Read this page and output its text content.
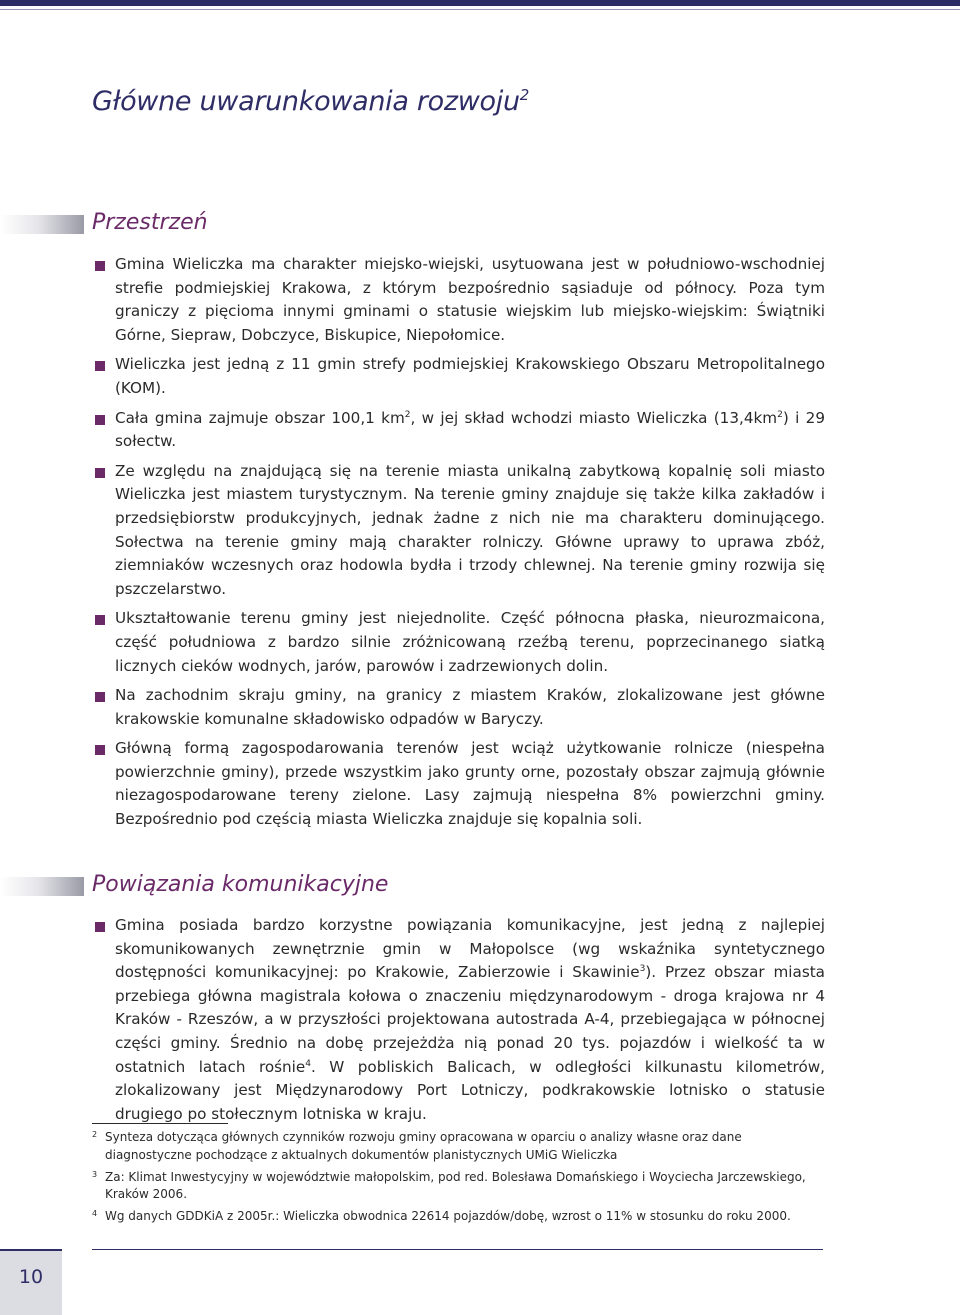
Główne uwarunkowania rozwoju$^2$
Przestrzeń
Gmina Wieliczka ma charakter miejsko-wiejski, usytuowana jest w południowo-wschodniej strefie podmiejskiej Krakowa, z którym bezpośrednio sąsiaduje od północy. Poza tym graniczy z pięcioma innymi gminami o statusie wiejskim lub miejsko-wiejskim: Świątniki Górne, Siepraw, Dobczyce, Biskupice, Niepołomice.
Wieliczka jest jedną z 11 gmin strefy podmiejskiej Krakowskiego Obszaru Metropolitalnego (KOM).
Cała gmina zajmuje obszar 100,1 $km^2$, w jej skład wchodzi miasto Wieliczka $(13,4km^2)$ i 29 sołectw.
Ze względu na znajdującą się na terenie miasta unikalną zabytkową kopalnię soli miasto Wieliczka jest miastem turystycznym. Na terenie gminy znajduje się także kilka zakładów i przedsiębiorstw produkcyjnych, jednak żadne z nich nie ma charakteru dominującego. Sołectwa na terenie gminy mają charakter rolniczy. Główne uprawy to uprawa zbóż, ziemniaków wczesnych oraz hodowla bydła i trzody chlewnej. Na terenie gminy rozwija się pszczelarstwo.
Ukształtowanie terenu gminy jest niejednolite. Część północna płaska, nieurozmaicona, część południowa z bardzo silnie zróżnicowaną rzeźbą terenu, poprzecinanego siatką licznych cieków wodnych, jarów, parowów i zadrzewionych dolin.
Na zachodnim skraju gminy, na granicy z miastem Kraków, zlokalizowane jest główne krakowskie komunalne składowisko odpadów w Baryczy.
Główną formą zagospodarowania terenów jest wciąż użytkowanie rolnicze (niespełna powierzchnie gminy), przede wszystkim jako grunty orne, pozostały obszar zajmują głównie niezagospodarowane tereny zielone. Lasy zajmują niespełna 8% powierzchni gminy. Bezpośrednio pod częścią miasta Wieliczka znajduje się kopalnia soli.
Powiązania komunikacyjne
Gmina posiada bardzo korzystne powiązania komunikacyjne, jest jedną z najlepiej skomunikowanych zewnętrznie gmin w Małopolsce (wg wskaźnika syntetycznego dostępności komunikacyjnej: po Krakowie, Zabierzowie i Skawinie$^3$). Przez obszar miasta przebiega główna magistrala kołowa o znaczeniu międzynarodowym - droga krajowa nr 4 Kraków - Rzeszów, a w przyszłości projektowana autostrada A-4, przebiegająca w północnej części gminy. Średnio na dobę przejeżdża nią ponad 20 tys. pojazdów i wielkość ta w ostatnich latach rośnie$^4$. W pobliskich Balicach, w odległości kilkunastu kilometrów, zlokalizowany jest Międzynarodowy Port Lotniczy, podkrakowskie lotnisko o statusie drugiego po stołecznym lotniska w kraju.
2 Synteza dotycząca głównych czynników rozwoju gminy opracowana w oparciu o analizy własne oraz dane diagnostyczne pochodzące z aktualnych dokumentów planistycznych UMiG Wieliczka
3 Za: Klimat Inwestycyjny w województwie małopolskim, pod red. Bolesława Domańskiego i Woyciecha Jarczewskiego, Kraków 2006.
4 Wg danych GDDKiA z 2005r.: Wieliczka obwodnica 22614 pojazdów/dobę, wzrost o 11% w stosunku do roku 2000.
10
